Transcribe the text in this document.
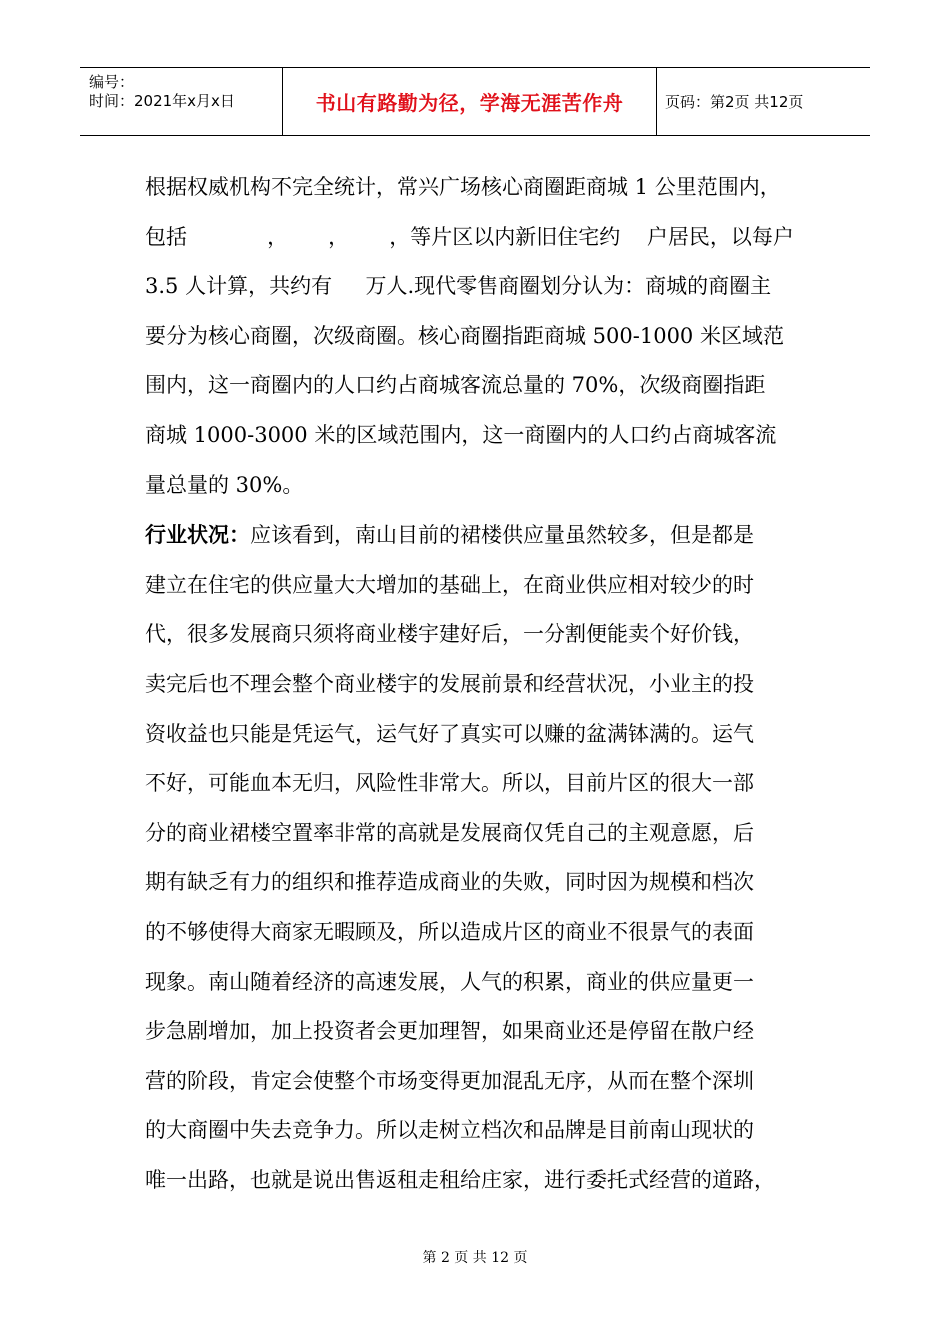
编号：
时间：2021年x月x日	书山有路勤为径，学海无涯苦作舟	页码：第2页 共12页

根据权威机构不完全统计，常兴广场核心商圈距商城 1 公里范围内，

包括            ，      ，      ，等片区以内新旧住宅约    户居民，以每户

3.5 人计算，共约有     万人.现代零售商圈划分认为：商城的商圈主

要分为核心商圈，次级商圈。核心商圈指距商城 500-1000 米区域范

围内，这一商圈内的人口约占商城客流总量的 70%，次级商圈指距

商城 1000-3000 米的区域范围内，这一商圈内的人口约占商城客流

量总量的 30%。

行业状况：应该看到，南山目前的裙楼供应量虽然较多，但是都是

建立在住宅的供应量大大增加的基础上，在商业供应相对较少的时

代，很多发展商只须将商业楼宇建好后，一分割便能卖个好价钱，

卖完后也不理会整个商业楼宇的发展前景和经营状况，小业主的投

资收益也只能是凭运气，运气好了真实可以赚的盆满钵满的。运气

不好，可能血本无归，风险性非常大。所以，目前片区的很大一部

分的商业裙楼空置率非常的高就是发展商仅凭自己的主观意愿，后

期有缺乏有力的组织和推荐造成商业的失败，同时因为规模和档次

的不够使得大商家无暇顾及，所以造成片区的商业不很景气的表面

现象。南山随着经济的高速发展，人气的积累，商业的供应量更一

步急剧增加，加上投资者会更加理智，如果商业还是停留在散户经

营的阶段，肯定会使整个市场变得更加混乱无序，从而在整个深圳

的大商圈中失去竞争力。所以走树立档次和品牌是目前南山现状的

唯一出路，也就是说出售返租走租给庄家，进行委托式经营的道路，

第 2 页 共 12 页
